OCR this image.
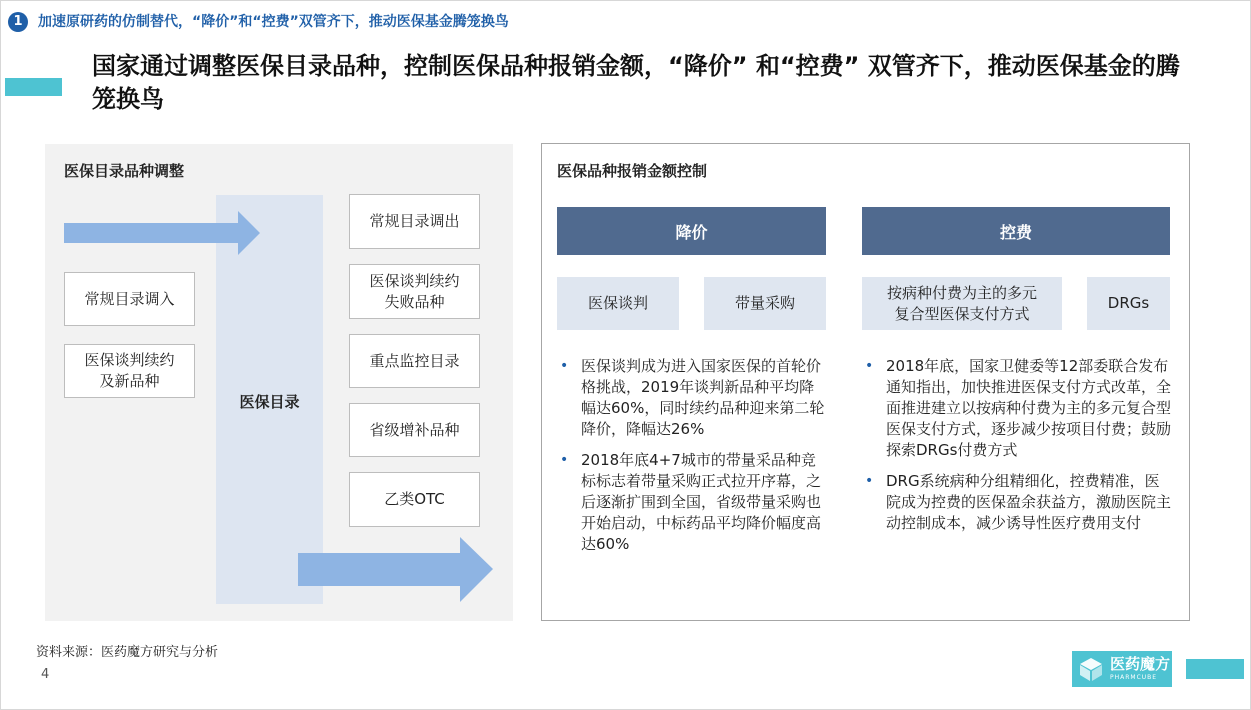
1	加速原研药的仿制替代，“降价”和“控费”双管齐下，推动医保基金腾笼换鸟
国家通过调整医保目录品种，控制医保品种报销金额，“降价” 和“控费” 双管齐下，推动医保基金的腾笼换鸟
医保目录品种调整
医保目录
常规目录调入
医保谈判续约
及新品种
常规目录调出
医保谈判续约
失败品种
重点监控目录
省级增补品种
乙类OTC
医保品种报销金额控制
降价	控费
医保谈判	带量采购
按病种付费为主的多元
复合型医保支付方式
DRGs
• 医保谈判成为进入国家医保的首轮价格挑战，2019年谈判新品种平均降幅达60%，同时续约品种迎来第二轮降价，降幅达26%
• 2018年底4+7城市的带量采品种竞标标志着带量采购正式拉开序幕，之后逐渐扩围到全国，省级带量采购也开始启动，中标药品平均降价幅度高达60%
• 2018年底，国家卫健委等12部委联合发布通知指出，加快推进医保支付方式改革，全面推进建立以按病种付费为主的多元复合型医保支付方式，逐步减少按项目付费；鼓励探索DRGs付费方式
• DRG系统病种分组精细化，控费精准，医院成为控费的医保盈余获益方，激励医院主动控制成本，减少诱导性医疗费用支付
资料来源：医药魔方研究与分析
4
医药魔方
PHARMCUBE
